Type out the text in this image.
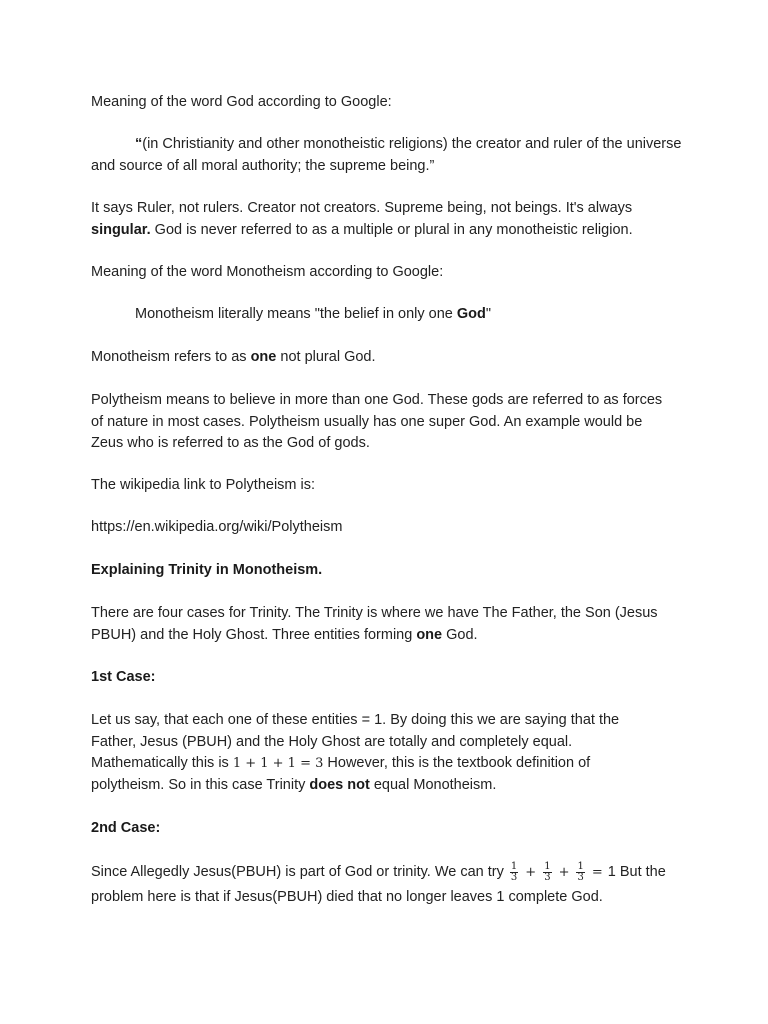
Meaning of the word God according to Google:

“(in Christianity and other monotheistic religions) the creator and ruler of the universe and source of all moral authority; the supreme being.”

It says Ruler, not rulers. Creator not creators. Supreme being, not beings. It's always
singular. God is never referred to as a multiple or plural in any monotheistic religion.

Meaning of the word Monotheism according to Google:

Monotheism literally means "the belief in only one God"

Monotheism refers to as one not plural God.

Polytheism means to believe in more than one God. These gods are referred to as forces of nature in most cases. Polytheism usually has one super God. An example would be Zeus who is referred to as the God of gods.

The wikipedia link to Polytheism is:

https://en.wikipedia.org/wiki/Polytheism

Explaining Trinity in Monotheism.

There are four cases for Trinity. The Trinity is where we have The Father, the Son (Jesus PBUH) and the Holy Ghost. Three entities forming one God.

1st Case:

Let us say, that each one of these entities = 1. By doing this we are saying that the Father, Jesus (PBUH) and the Holy Ghost are totally and completely equal. Mathematically this is 1 + 1 + 1 = 3 However, this is the textbook definition of polytheism. So in this case Trinity does not equal Monotheism.

2nd Case:

Since Allegedly Jesus(PBUH) is part of God or trinity. We can try $\frac{1}{3} + \frac{1}{3} + \frac{1}{3} = 1$ But the problem here is that if Jesus(PBUH) died that no longer leaves 1 complete God.
